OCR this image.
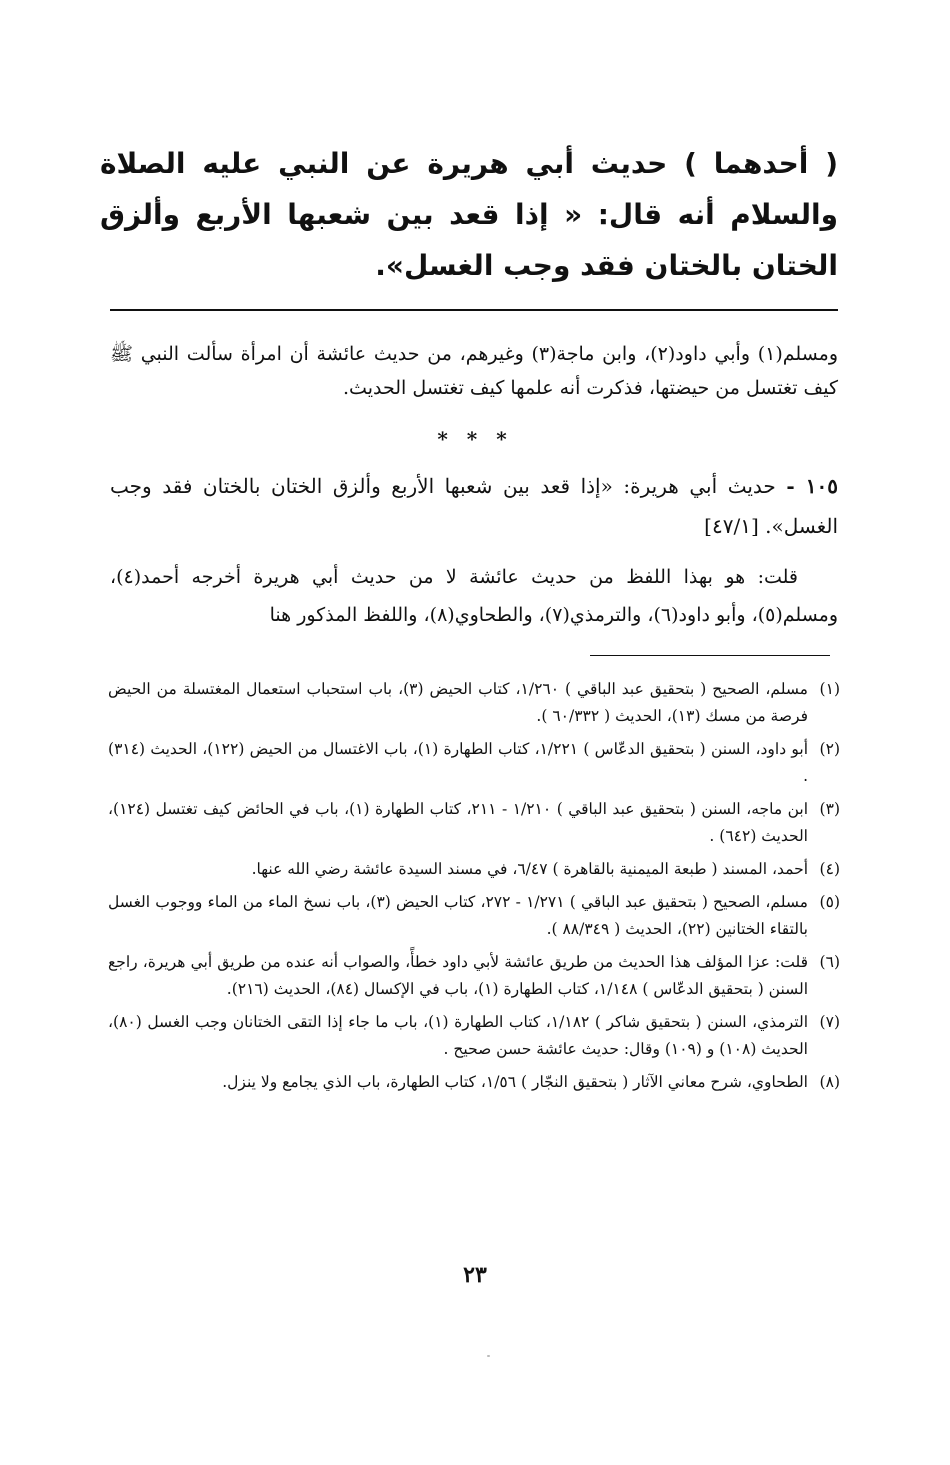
( أحدهما ) حديث أبي هريرة عن النبي عليه الصلاة والسلام أنه قال: « إذا قعد بين شعبها الأربع وألزق الختان بالختان فقد وجب الغسل».
ومسلم(١) وأبي داود(٢)، وابن ماجة(٣) وغيرهم، من حديث عائشة أن امرأة سألت النبي ﷺ كيف تغتسل من حيضتها، فذكرت أنه علمها كيف تغتسل الحديث.
* * *
١٠٥ - حديث أبي هريرة: «إذا قعد بين شعبها الأربع وألزق الختان بالختان فقد وجب الغسل». [٤٧/١]
قلت: هو بهذا اللفظ من حديث عائشة لا من حديث أبي هريرة أخرجه أحمد(٤)، ومسلم(٥)، وأبو داود(٦)، والترمذي(٧)، والطحاوي(٨)، واللفظ المذكور هنا
(١)
مسلم، الصحيح ( بتحقيق عبد الباقي ) ١/٢٦٠، كتاب الحيض (٣)، باب استحباب استعمال المغتسلة من الحيض فرصة من مسك (١٣)، الحديث ( ٦٠/٣٣٢ ).
(٢)
أبو داود، السنن ( بتحقيق الدعّاس ) ١/٢٢١، كتاب الطهارة (١)، باب الاغتسال من الحيض (١٢٢)، الحديث (٣١٤) .
(٣)
ابن ماجه، السنن ( بتحقيق عبد الباقي ) ١/٢١٠ - ٢١١، كتاب الطهارة (١)، باب في الحائض كيف تغتسل (١٢٤)، الحديث (٦٤٢) .
(٤)
أحمد، المسند ( طبعة الميمنية بالقاهرة ) ٦/٤٧، في مسند السيدة عائشة رضي الله عنها.
(٥)
مسلم، الصحيح ( بتحقيق عبد الباقي ) ١/٢٧١ - ٢٧٢، كتاب الحيض (٣)، باب نسخ الماء من الماء ووجوب الغسل بالتقاء الختانين (٢٢)، الحديث ( ٨٨/٣٤٩ ).
(٦)
قلت: عزا المؤلف هذا الحديث من طريق عائشة لأبي داود خطأً، والصواب أنه عنده من طريق أبي هريرة، راجع السنن ( بتحقيق الدعّاس ) ١/١٤٨، كتاب الطهارة (١)، باب في الإكسال (٨٤)، الحديث (٢١٦).
(٧)
الترمذي، السنن ( بتحقيق شاكر ) ١/١٨٢، كتاب الطهارة (١)، باب ما جاء إذا التقى الختانان وجب الغسل (٨٠)، الحديث (١٠٨) و (١٠٩) وقال: حديث عائشة حسن صحيح .
(٨)
الطحاوي، شرح معاني الآثار ( بتحقيق النجّار ) ١/٥٦، كتاب الطهارة، باب الذي يجامع ولا ينزل.
٢٣
